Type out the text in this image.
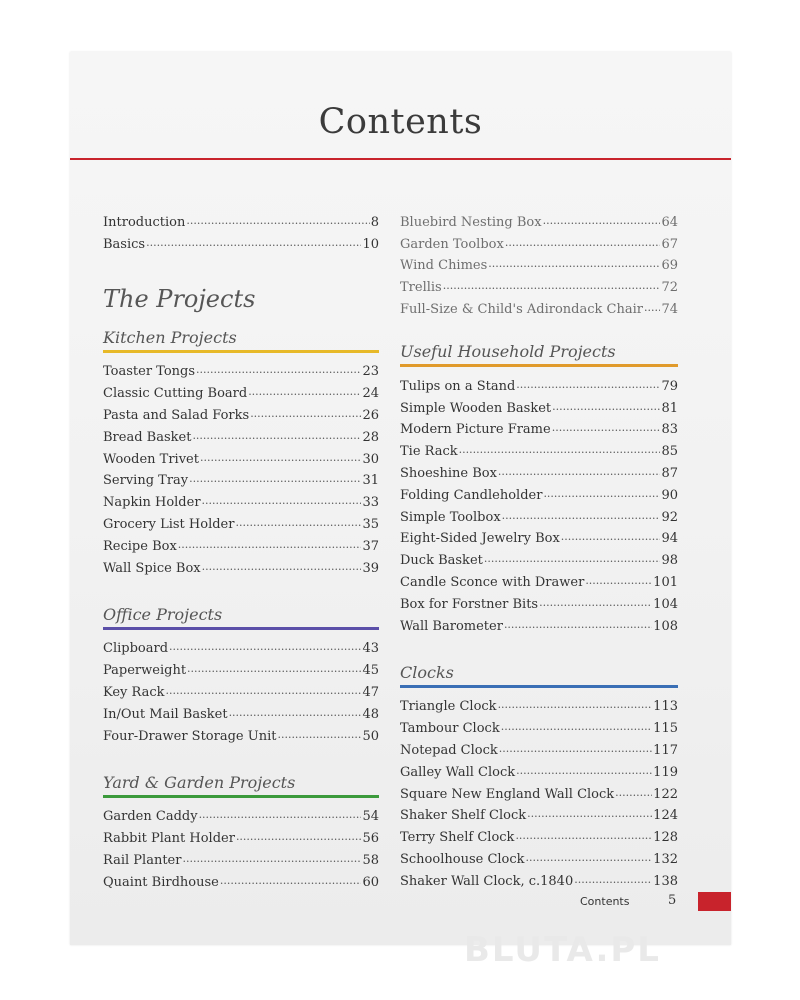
Contents
Introduction .....	8
Basics .....	10
The Projects
Kitchen Projects
Toaster Tongs .....	23
Classic Cutting Board .....	24
Pasta and Salad Forks .....	26
Bread Basket .....	28
Wooden Trivet .....	30
Serving Tray .....	31
Napkin Holder .....	33
Grocery List Holder .....	35
Recipe Box .....	37
Wall Spice Box .....	39
Office Projects
Clipboard .....	43
Paperweight .....	45
Key Rack .....	47
In/Out Mail Basket .....	48
Four-Drawer Storage Unit .....	50
Yard & Garden Projects
Garden Caddy .....	54
Rabbit Plant Holder .....	56
Rail Planter .....	58
Quaint Birdhouse .....	60
Bluebird Nesting Box .....	64
Garden Toolbox .....	67
Wind Chimes .....	69
Trellis .....	72
Full-Size & Child's Adirondack Chair ..... 74
Useful Household Projects
Tulips on a Stand .....	79
Simple Wooden Basket .....	81
Modern Picture Frame .....	83
Tie Rack .....	85
Shoeshine Box .....	87
Folding Candleholder .....	90
Simple Toolbox .....	92
Eight-Sided Jewelry Box .....	94
Duck Basket .....	98
Candle Sconce with Drawer .....	101
Box for Forstner Bits .....	104
Wall Barometer .....	108
Clocks
Triangle Clock .....	113
Tambour Clock .....	115
Notepad Clock .....	117
Galley Wall Clock .....	119
Square New England Wall Clock .....	122
Shaker Shelf Clock .....	124
Terry Shelf Clock .....	128
Schoolhouse Clock .....	132
Shaker Wall Clock, c.1840 .....	138
Contents	5
BLUTA.PL
